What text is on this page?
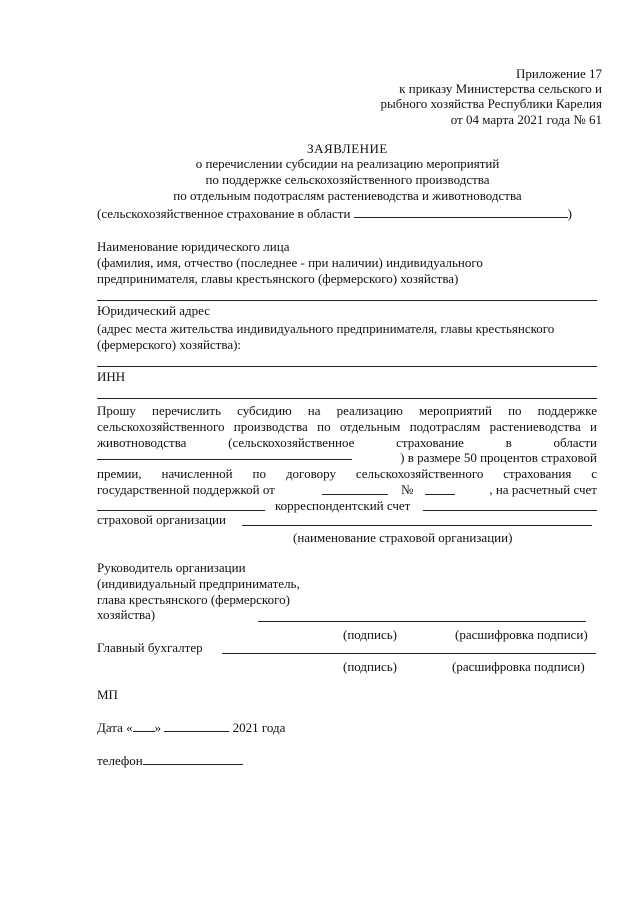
Приложение 17
к приказу Министерства сельского и
рыбного хозяйства Республики Карелия
от 04 марта 2021 года № 61
ЗАЯВЛЕНИЕ
о перечислении субсидии на реализацию мероприятий
по поддержке сельскохозяйственного производства
по отдельным подотраслям растениеводства и животноводства
(сельскохозяйственное страхование в области	)
Наименование юридического лица
(фамилия, имя, отчество (последнее - при наличии) индивидуального
предпринимателя, главы крестьянского (фермерского) хозяйства)
Юридический адрес
(адрес места жительства индивидуального предпринимателя, главы крестьянского
(фермерского) хозяйства):
ИНН
Прошу перечислить субсидию на реализацию мероприятий по поддержке
сельскохозяйственного производства по отдельным подотраслям растениеводства и
животноводства (сельскохозяйственное страхование в области
) в размере 50 процентов страховой
премии, начисленной по договору сельскохозяйственного страхования с
государственной поддержкой от	№	, на расчетный счет
корреспондентский счет
страховой организации
(наименование страховой организации)
Руководитель организации
(индивидуальный предприниматель,
глава крестьянского (фермерского)
хозяйства)
(подпись)	(расшифровка подписи)
Главный бухгалтер
(подпись)	(расшифровка подписи)
МП
Дата « »	2021 года
телефон
